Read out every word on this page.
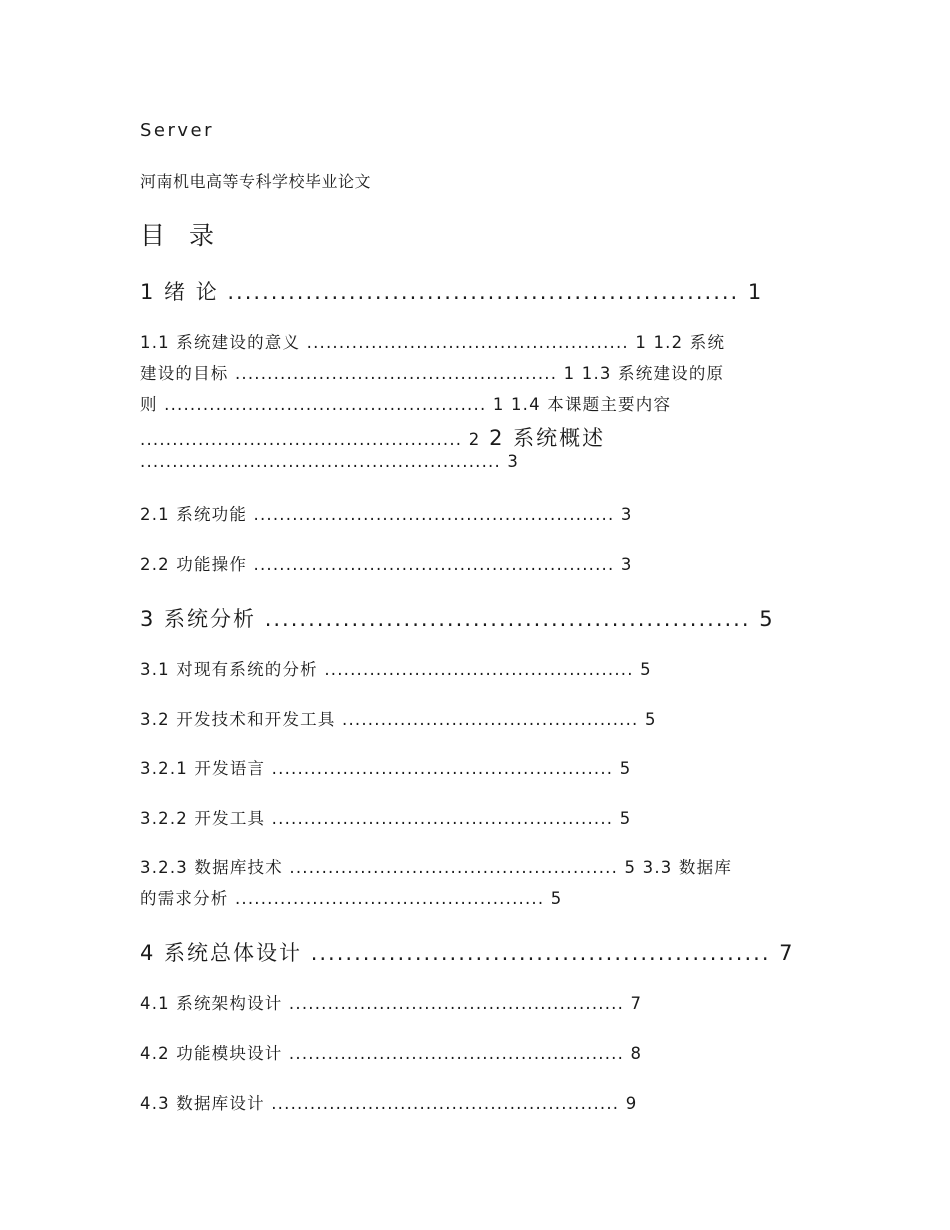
Server
河南机电高等专科学校毕业论文
目 录
1 绪 论 ........................................................... 1
1.1 系统建设的意义 .................................................. 1 1.2 系统
建设的目标 .................................................. 1 1.3 系统建设的原
则 .................................................. 1 1.4 本课题主要内容
.................................................. 2 2 系统概述
........................................................ 3
2.1 系统功能 ........................................................ 3
2.2 功能操作 ........................................................ 3
3 系统分析 ........................................................ 5
3.1 对现有系统的分析 ................................................ 5
3.2 开发技术和开发工具 .............................................. 5
3.2.1 开发语言 ..................................................... 5
3.2.2 开发工具 ..................................................... 5
3.2.3 数据库技术 ................................................... 5 3.3 数据库
的需求分析 ................................................ 5
4 系统总体设计 ..................................................... 7
4.1 系统架构设计 .................................................... 7
4.2 功能模块设计 .................................................... 8
4.3 数据库设计 ...................................................... 9
